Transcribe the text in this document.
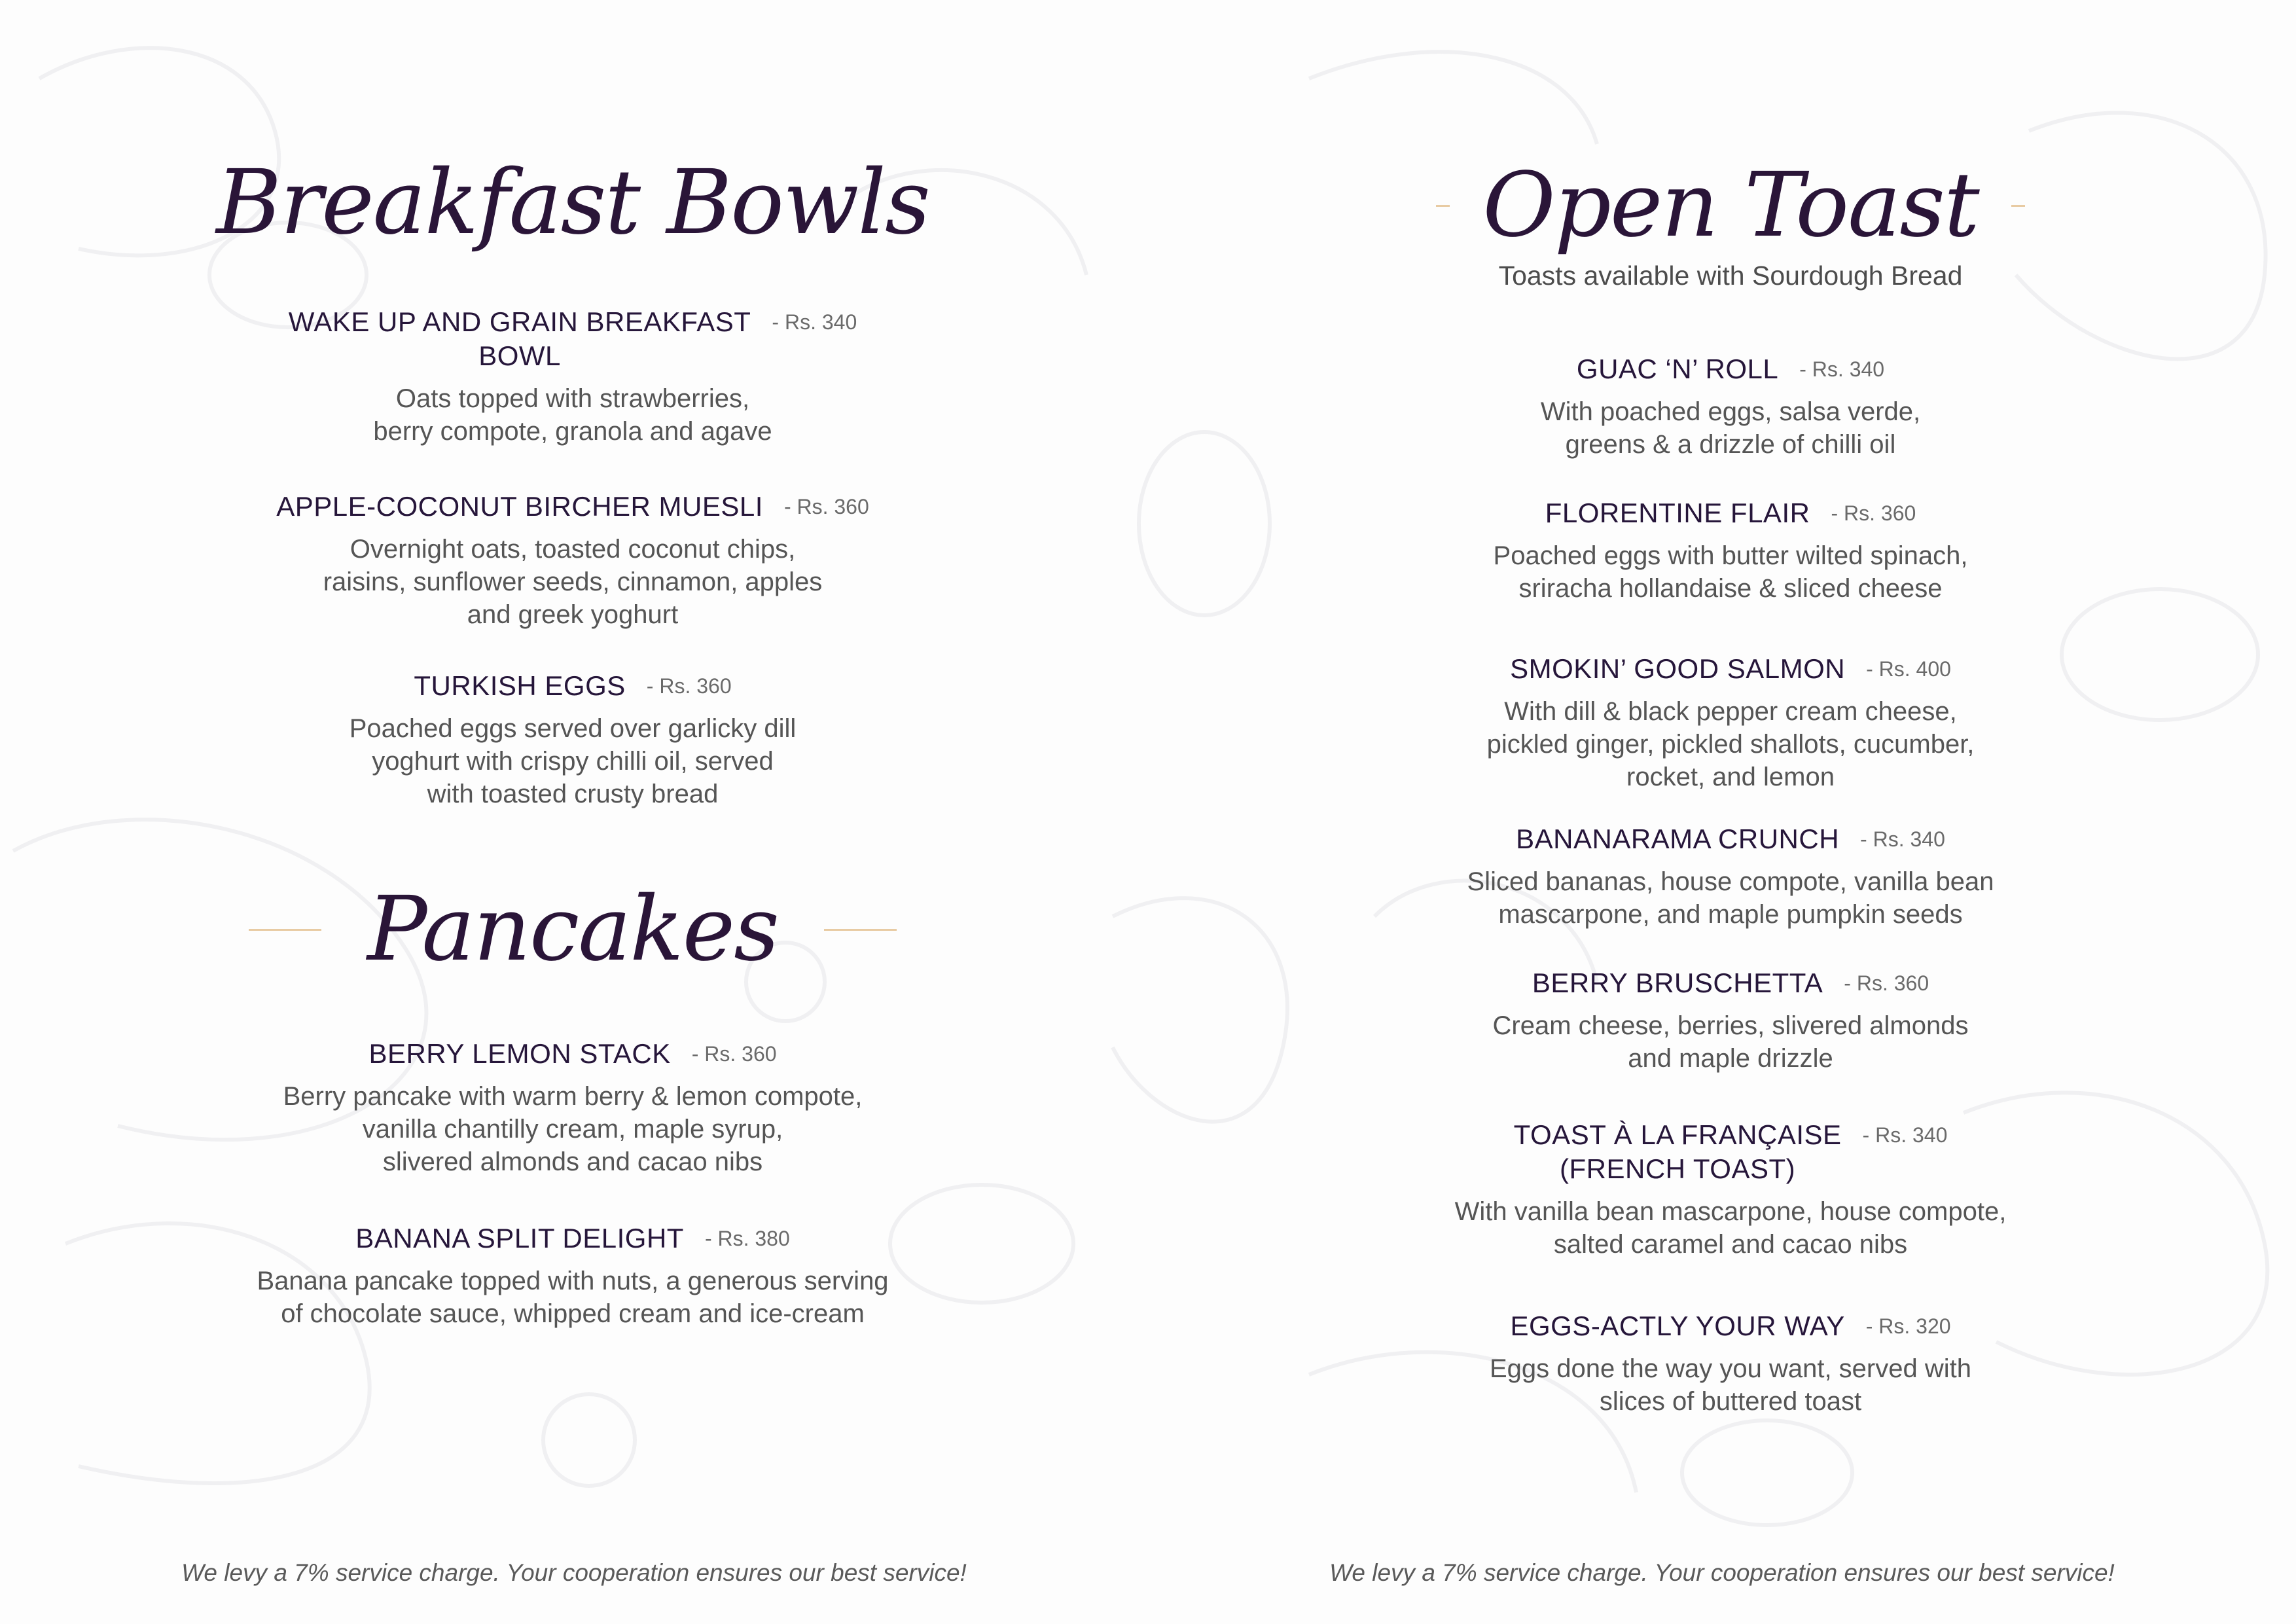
Breakfast Bowls
WAKE UP AND GRAIN BREAKFAST
BOWL
- Rs. 340
Oats topped with strawberries,
berry compote, granola and agave
APPLE-COCONUT BIRCHER MUESLI - Rs. 360
Overnight oats, toasted coconut chips,
raisins, sunflower seeds, cinnamon, apples
and greek yoghurt
TURKISH EGGS - Rs. 360
Poached eggs served over garlicky dill
yoghurt with crispy chilli oil, served
with toasted crusty bread
Pancakes
BERRY LEMON STACK - Rs. 360
Berry pancake with warm berry & lemon compote,
vanilla chantilly cream, maple syrup,
slivered almonds and cacao nibs
BANANA SPLIT DELIGHT - Rs. 380
Banana pancake topped with nuts, a generous serving
of chocolate sauce, whipped cream and ice-cream
We levy a 7% service charge. Your cooperation ensures our best service!
Open Toast
Toasts available with Sourdough Bread
GUAC ‘N’ ROLL - Rs. 340
With poached eggs, salsa verde,
greens & a drizzle of chilli oil
FLORENTINE FLAIR - Rs. 360
Poached eggs with butter wilted spinach,
sriracha hollandaise & sliced cheese
SMOKIN’ GOOD SALMON - Rs. 400
With dill & black pepper cream cheese,
pickled ginger, pickled shallots, cucumber,
rocket, and lemon
BANANARAMA CRUNCH - Rs. 340
Sliced bananas, house compote, vanilla bean
mascarpone, and maple pumpkin seeds
BERRY BRUSCHETTA - Rs. 360
Cream cheese, berries, slivered almonds
and maple drizzle
TOAST À LA FRANÇAISE
(FRENCH TOAST)
- Rs. 340
With vanilla bean mascarpone, house compote,
salted caramel and cacao nibs
EGGS-ACTLY YOUR WAY - Rs. 320
Eggs done the way you want, served with
slices of buttered toast
We levy a 7% service charge. Your cooperation ensures our best service!
